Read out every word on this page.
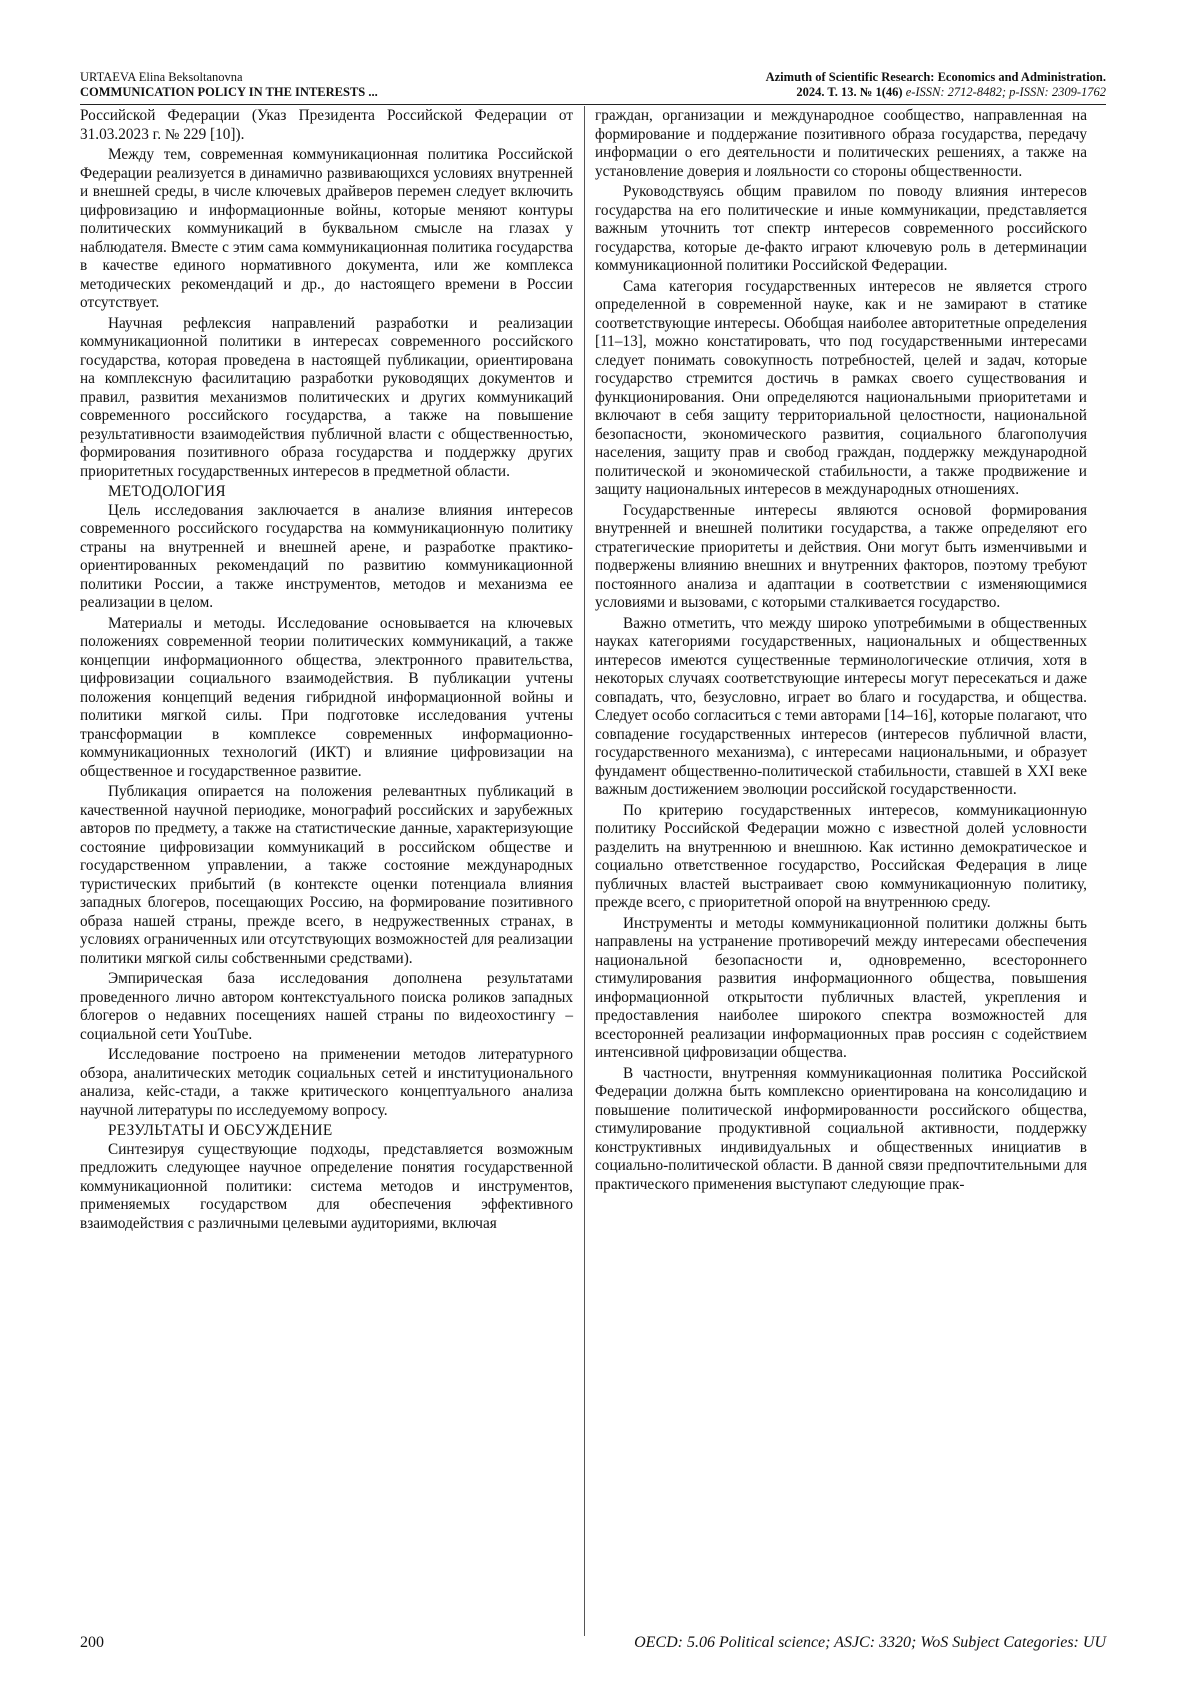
URTAEVA Elina Beksoltanovna
COMMUNICATION POLICY IN THE INTERESTS ...
Azimuth of Scientific Research: Economics and Administration.
2024. T. 13. № 1(46) e-ISSN: 2712-8482; p-ISSN: 2309-1762

Российской Федерации (Указ Президента Российской Федерации от 31.03.2023 г. № 229 [10]).

Между тем, современная коммуникационная политика Российской Федерации реализуется в динамично развивающихся условиях внутренней и внешней среды, в числе ключевых драйверов перемен следует включить цифровизацию и информационные войны, которые меняют контуры политических коммуникаций в буквальном смысле на глазах у наблюдателя. Вместе с этим сама коммуникационная политика государства в качестве единого нормативного документа, или же комплекса методических рекомендаций и др., до настоящего времени в России отсутствует.

Научная рефлексия направлений разработки и реализации коммуникационной политики в интересах современного российского государства, которая проведена в настоящей публикации, ориентирована на комплексную фасилитацию разработки руководящих документов и правил, развития механизмов политических и других коммуникаций современного российского государства, а также на повышение результативности взаимодействия публичной власти с общественностью, формирования позитивного образа государства и поддержку других приоритетных государственных интересов в предметной области.

МЕТОДОЛОГИЯ

Цель исследования заключается в анализе влияния интересов современного российского государства на коммуникационную политику страны на внутренней и внешней арене, и разработке практико-ориентированных рекомендаций по развитию коммуникационной политики России, а также инструментов, методов и механизма ее реализации в целом.

Материалы и методы. Исследование основывается на ключевых положениях современной теории политических коммуникаций, а также концепции информационного общества, электронного правительства, цифровизации социального взаимодействия. В публикации учтены положения концепций ведения гибридной информационной войны и политики мягкой силы. При подготовке исследования учтены трансформации в комплексе современных информационно-коммуникационных технологий (ИКТ) и влияние цифровизации на общественное и государственное развитие.

Публикация опирается на положения релевантных публикаций в качественной научной периодике, монографий российских и зарубежных авторов по предмету, а также на статистические данные, характеризующие состояние цифровизации коммуникаций в российском обществе и государственном управлении, а также состояние международных туристических прибытий (в контексте оценки потенциала влияния западных блогеров, посещающих Россию, на формирование позитивного образа нашей страны, прежде всего, в недружественных странах, в условиях ограниченных или отсутствующих возможностей для реализации политики мягкой силы собственными средствами).

Эмпирическая база исследования дополнена результатами проведенного лично автором контекстуального поиска роликов западных блогеров о недавних посещениях нашей страны по видеохостингу – социальной сети YouTube.

Исследование построено на применении методов литературного обзора, аналитических методик социальных сетей и институционального анализа, кейс-стади, а также критического концептуального анализа научной литературы по исследуемому вопросу.

РЕЗУЛЬТАТЫ И ОБСУЖДЕНИЕ

Синтезируя существующие подходы, представляется возможным предложить следующее научное определение понятия государственной коммуникационной политики: система методов и инструментов, применяемых государством для обеспечения эффективного взаимодействия с различными целевыми аудиториями, включая

граждан, организации и международное сообщество, направленная на формирование и поддержание позитивного образа государства, передачу информации о его деятельности и политических решениях, а также на установление доверия и лояльности со стороны общественности.

Руководствуясь общим правилом по поводу влияния интересов государства на его политические и иные коммуникации, представляется важным уточнить тот спектр интересов современного российского государства, которые де-факто играют ключевую роль в детерминации коммуникационной политики Российской Федерации.

Сама категория государственных интересов не является строго определенной в современной науке, как и не замирают в статике соответствующие интересы. Обобщая наиболее авторитетные определения [11–13], можно констатировать, что под государственными интересами следует понимать совокупность потребностей, целей и задач, которые государство стремится достичь в рамках своего существования и функционирования. Они определяются национальными приоритетами и включают в себя защиту территориальной целостности, национальной безопасности, экономического развития, социального благополучия населения, защиту прав и свобод граждан, поддержку международной политической и экономической стабильности, а также продвижение и защиту национальных интересов в международных отношениях.

Государственные интересы являются основой формирования внутренней и внешней политики государства, а также определяют его стратегические приоритеты и действия. Они могут быть изменчивыми и подвержены влиянию внешних и внутренних факторов, поэтому требуют постоянного анализа и адаптации в соответствии с изменяющимися условиями и вызовами, с которыми сталкивается государство.

Важно отметить, что между широко употребимыми в общественных науках категориями государственных, национальных и общественных интересов имеются существенные терминологические отличия, хотя в некоторых случаях соответствующие интересы могут пересекаться и даже совпадать, что, безусловно, играет во благо и государства, и общества. Следует особо согласиться с теми авторами [14–16], которые полагают, что совпадение государственных интересов (интересов публичной власти, государственного механизма), с интересами национальными, и образует фундамент общественно-политической стабильности, ставшей в XXI веке важным достижением эволюции российской государственности.

По критерию государственных интересов, коммуникационную политику Российской Федерации можно с известной долей условности разделить на внутреннюю и внешнюю. Как истинно демократическое и социально ответственное государство, Российская Федерация в лице публичных властей выстраивает свою коммуникационную политику, прежде всего, с приоритетной опорой на внутреннюю среду.

Инструменты и методы коммуникационной политики должны быть направлены на устранение противоречий между интересами обеспечения национальной безопасности и, одновременно, всестороннего стимулирования развития информационного общества, повышения информационной открытости публичных властей, укрепления и предоставления наиболее широкого спектра возможностей для всесторонней реализации информационных прав россиян с содействием интенсивной цифровизации общества.

В частности, внутренняя коммуникационная политика Российской Федерации должна быть комплексно ориентирована на консолидацию и повышение политической информированности российского общества, стимулирование продуктивной социальной активности, поддержку конструктивных индивидуальных и общественных инициатив в социально-политической области. В данной связи предпочтительными для практического применения выступают следующие прак-

200	OECD: 5.06 Political science; ASJC: 3320; WoS Subject Categories: UU
